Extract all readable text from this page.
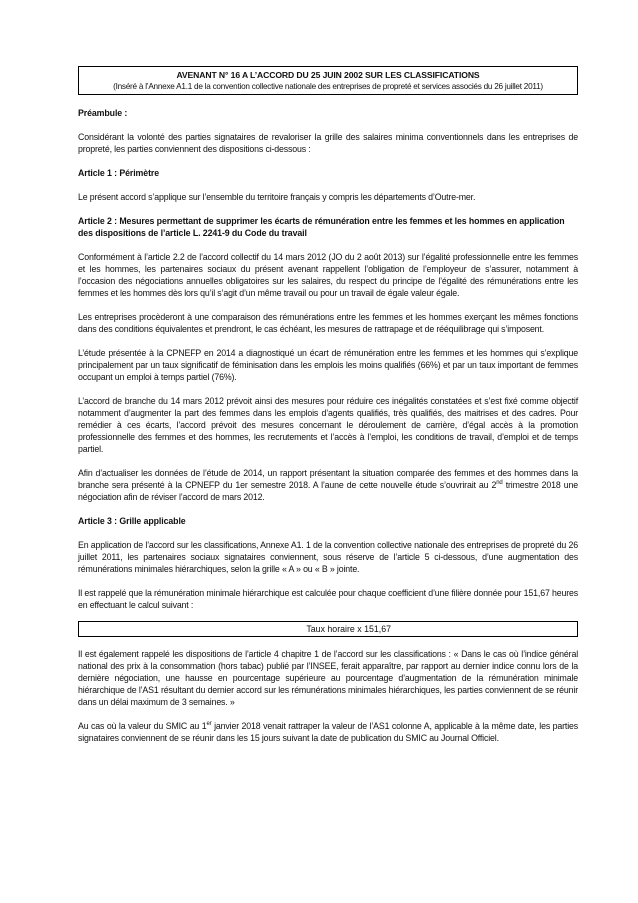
AVENANT N° 16 A L’ACCORD DU 25 JUIN 2002 SUR LES CLASSIFICATIONS
(Inséré à l’Annexe A1.1 de la convention collective nationale des entreprises de propreté et services associés du 26 juillet 2011)
Préambule :

Considérant la volonté des parties signataires de revaloriser la grille des salaires minima conventionnels dans les entreprises de propreté, les parties conviennent des dispositions ci-dessous :

Article 1 : Périmètre

Le présent accord s’applique sur l’ensemble du territoire français y compris les départements d’Outre-mer.

Article 2 : Mesures permettant de supprimer les écarts de rémunération entre les femmes et les hommes en application des dispositions de l’article L. 2241-9 du Code du travail

Conformément à l’article 2.2 de l’accord collectif du 14 mars 2012 (JO du 2 août 2013) sur l’égalité professionnelle entre les femmes et les hommes, les partenaires sociaux du présent avenant rappellent l’obligation de l’employeur de s’assurer, notamment à l’occasion des négociations annuelles obligatoires sur les salaires, du respect du principe de l’égalité des rémunérations entre les femmes et les hommes dès lors qu’il s’agit d’un même travail ou pour un travail de égale valeur égale.

Les entreprises procèderont à une comparaison des rémunérations entre les femmes et les hommes exerçant les mêmes fonctions dans des conditions équivalentes et prendront, le cas échéant, les mesures de rattrapage et de rééquilibrage qui s’imposent.

L’étude présentée à la CPNEFP en 2014 a diagnostiqué un écart de rémunération entre les femmes et les hommes qui s’explique principalement par un taux significatif de féminisation dans les emplois les moins qualifiés (66%) et par un taux important de femmes occupant un emploi à temps partiel (76%).

L’accord de branche du 14 mars 2012 prévoit ainsi des mesures pour réduire ces inégalités constatées et s’est fixé comme objectif notamment d’augmenter la part des femmes dans les emplois d’agents qualifiés, très qualifiés, des maitrises et des cadres. Pour remédier à ces écarts, l’accord prévoit des mesures concernant le déroulement de carrière, d’égal accès à la promotion professionnelle des femmes et des hommes, les recrutements et l’accès à l’emploi, les conditions de travail, d’emploi et de temps partiel.

Afin d’actualiser les données de l’étude de 2014, un rapport présentant la situation comparée des femmes et des hommes dans la branche sera présenté à la CPNEFP du 1er semestre 2018. A l’aune de cette nouvelle étude s’ouvrirait au 2nd trimestre 2018 une négociation afin de réviser l’accord de mars 2012.

Article 3 : Grille applicable

En application de l’accord sur les classifications, Annexe A1. 1 de la convention collective nationale des entreprises de propreté du 26 juillet 2011, les partenaires sociaux signataires conviennent, sous réserve de l’article 5 ci-dessous, d’une augmentation des rémunérations minimales hiérarchiques, selon la grille « A » ou « B » jointe.

Il est rappelé que la rémunération minimale hiérarchique est calculée pour chaque coefficient d’une filière donnée pour 151,67 heures en effectuant le calcul suivant :

Taux horaire x 151,67

Il est également rappelé les dispositions de l’article 4 chapitre 1 de l’accord sur les classifications : « Dans le cas où l’indice général national des prix à la consommation (hors tabac) publié par l’INSEE, ferait apparaître, par rapport au dernier indice connu lors de la dernière négociation, une hausse en pourcentage supérieure au pourcentage d’augmentation de la rémunération minimale hiérarchique de l’AS1 résultant du dernier accord sur les rémunérations minimales hiérarchiques, les parties conviennent de se réunir dans un délai maximum de 3 semaines. »

Au cas où la valeur du SMIC au 1er janvier 2018 venait rattraper la valeur de l’AS1 colonne A, applicable à la même date, les parties signataires conviennent de se réunir dans les 15 jours suivant la date de publication du SMIC au Journal Officiel.
